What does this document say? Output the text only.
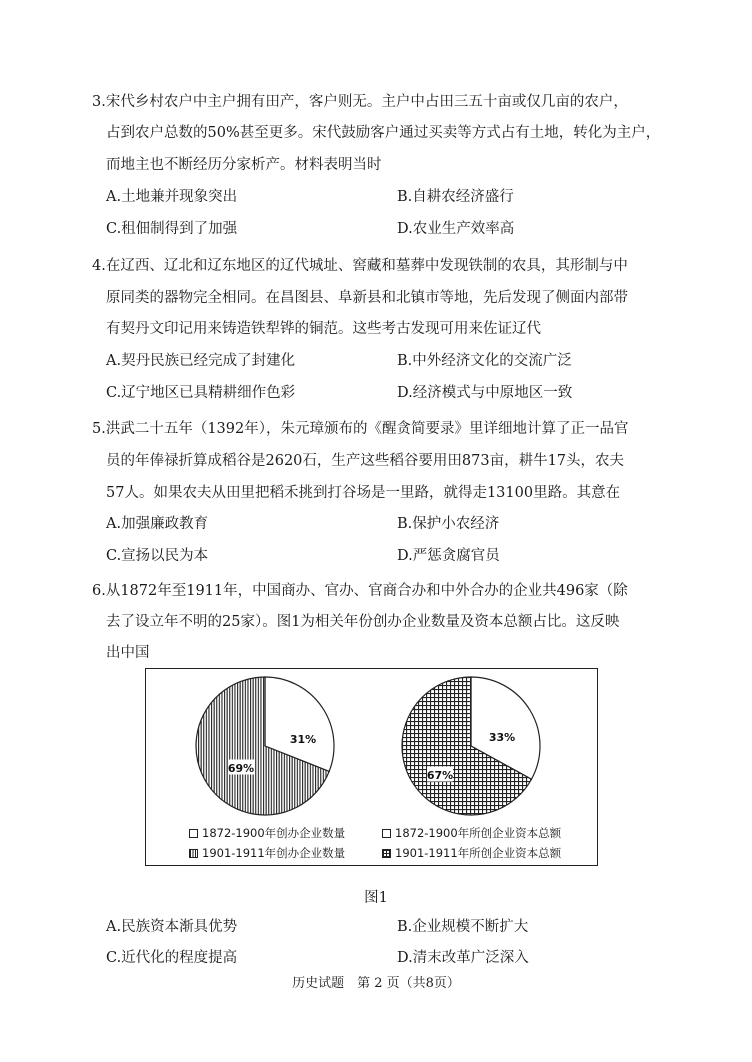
3.宋代乡村农户中主户拥有田产，客户则无。主户中占田三五十亩或仅几亩的农户，
占到农户总数的50%甚至更多。宋代鼓励客户通过买卖等方式占有土地，转化为主户，
而地主也不断经历分家析产。材料表明当时
A.土地兼并现象突出	B.自耕农经济盛行
C.租佃制得到了加强	D.农业生产效率高
4.在辽西、辽北和辽东地区的辽代城址、窖藏和墓葬中发现铁制的农具，其形制与中
原同类的器物完全相同。在昌图县、阜新县和北镇市等地，先后发现了侧面内部带
有契丹文印记用来铸造铁犁铧的铜范。这些考古发现可用来佐证辽代
A.契丹民族已经完成了封建化	B.中外经济文化的交流广泛
C.辽宁地区已具精耕细作色彩	D.经济模式与中原地区一致
5.洪武二十五年（1392年），朱元璋颁布的《醒贪简要录》里详细地计算了正一品官
员的年俸禄折算成稻谷是2620石，生产这些稻谷要用田873亩，耕牛17头，农夫
57人。如果农夫从田里把稻禾挑到打谷场是一里路，就得走13100里路。其意在
A.加强廉政教育	B.保护小农经济
C.宣扬以民为本	D.严惩贪腐官员
6.从1872年至1911年，中国商办、官办、官商合办和中外合办的企业共496家（除
去了设立年不明的25家）。图1为相关年份创办企业数量及资本总额占比。这反映
出中国
31%
69%
33%
67%
1872-1900年创办企业数量	1872-1900年所创企业资本总额
1901-1911年创办企业数量	1901-1911年所创企业资本总额
图1
A.民族资本渐具优势	B.企业规模不断扩大
C.近代化的程度提高	D.清末改革广泛深入
历史试题　第 2 页（共8页）
